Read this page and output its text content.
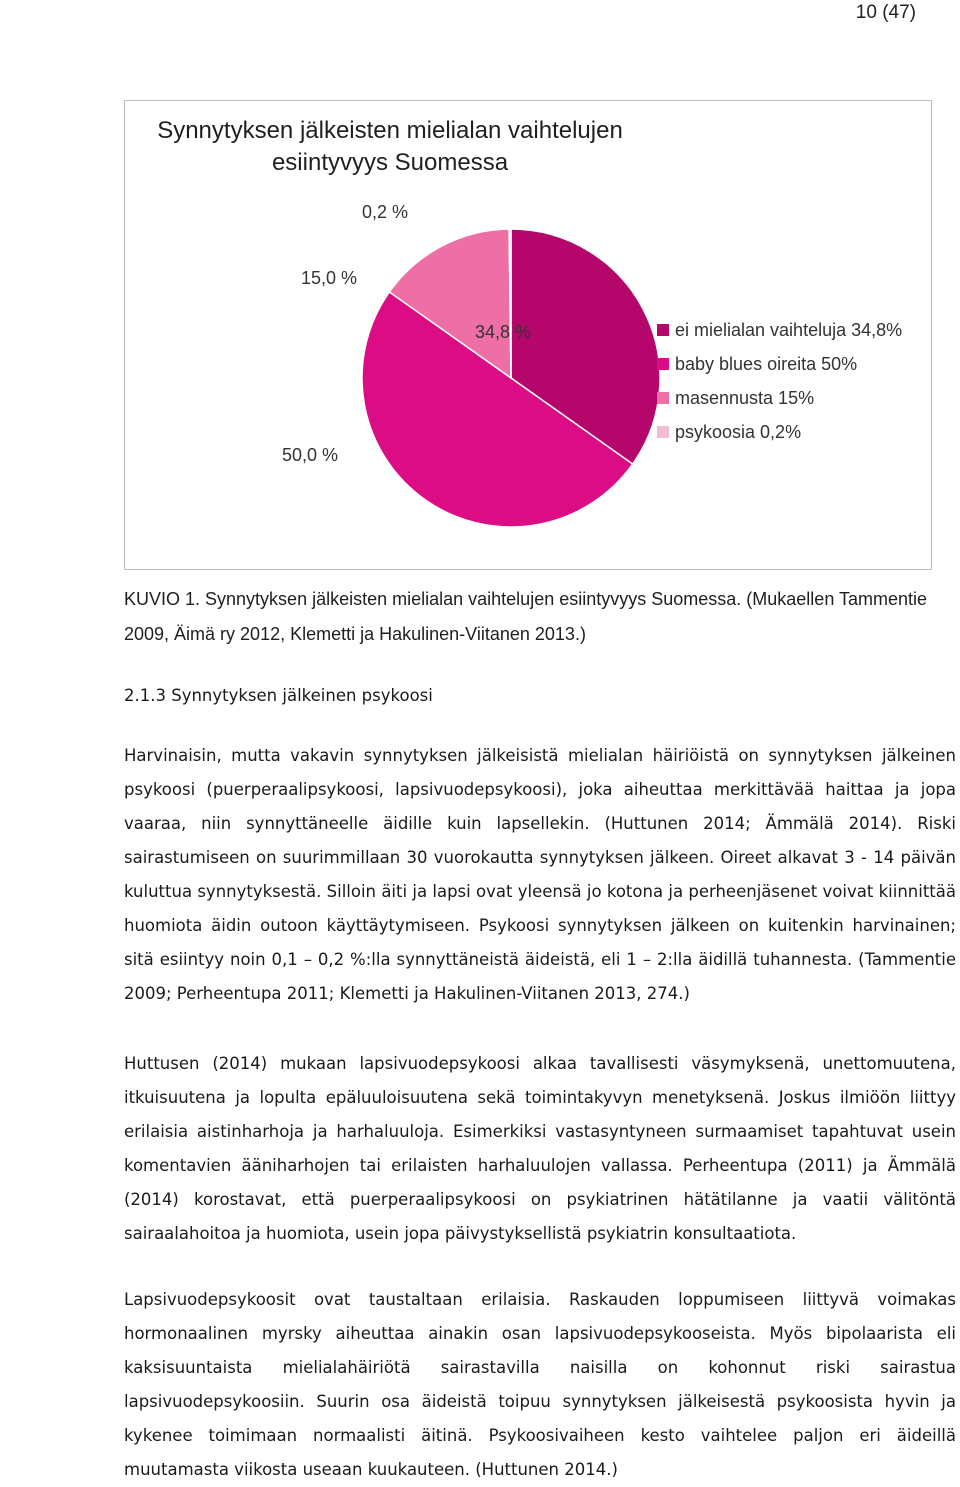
10 (47)
34,8 %
50,0 %
15,0 %
0,2 %
Synnytyksen jälkeisten mielialan vaihtelujen
esiintyvyys Suomessa
ei mielialan vaihteluja 34,8%
baby blues oireita 50%
masennusta 15%
psykoosia 0,2%
KUVIO 1. Synnytyksen jälkeisten mielialan vaihtelujen esiintyvyys Suomessa. (Mukaellen Tammentie 2009, Äimä ry 2012, Klemetti ja Hakulinen-Viitanen 2013.)
2.1.3 Synnytyksen jälkeinen psykoosi

Harvinaisin, mutta vakavin synnytyksen jälkeisistä mielialan häiriöistä on synnytyksen jälkeinen psykoosi (puerperaalipsykoosi, lapsivuodepsykoosi), joka aiheuttaa merkittävää haittaa ja jopa vaaraa, niin synnyttäneelle äidille kuin lapsellekin. (Huttunen 2014; Ämmälä 2014). Riski sairastumiseen on suurimmillaan 30 vuorokautta synnytyksen jälkeen. Oireet alkavat 3 - 14 päivän kuluttua synnytyksestä. Silloin äiti ja lapsi ovat yleensä jo kotona ja perheenjäsenet voivat kiinnittää huomiota äidin outoon käyttäytymiseen. Psykoosi synnytyksen jälkeen on kuitenkin harvinainen; sitä esiintyy noin 0,1 – 0,2 %:lla synnyttäneistä äideistä, eli 1 – 2:lla äidillä tuhannesta. (Tammentie 2009; Perheentupa 2011; Klemetti ja Hakulinen-Viitanen 2013, 274.)

Huttusen (2014) mukaan lapsivuodepsykoosi alkaa tavallisesti väsymyksenä, unettomuutena, itkuisuutena ja lopulta epäluuloisuutena sekä toimintakyvyn menetyksenä. Joskus ilmiöön liittyy erilaisia aistinharhoja ja harhaluuloja. Esimerkiksi vastasyntyneen surmaamiset tapahtuvat usein komentavien ääniharhojen tai erilaisten harhaluulojen vallassa. Perheentupa (2011) ja Ämmälä (2014) korostavat, että puerperaalipsykoosi on psykiatrinen hätätilanne ja vaatii välitöntä sairaalahoitoa ja huomiota, usein jopa päivystyksellistä psykiatrin konsultaatiota.

Lapsivuodepsykoosit ovat taustaltaan erilaisia. Raskauden loppumiseen liittyvä voimakas hormonaalinen myrsky aiheuttaa ainakin osan lapsivuodepsykooseista. Myös bipolaarista eli kaksisuuntaista mielialahäiriötä sairastavilla naisilla on kohonnut riski sairastua lapsivuodepsykoosiin. Suurin osa äideistä toipuu synnytyksen jälkeisestä psykoosista hyvin ja kykenee toimimaan normaalisti äitinä. Psykoosivaiheen kesto vaihtelee paljon eri äideillä muutamasta viikosta useaan kuukauteen. (Huttunen 2014.)
